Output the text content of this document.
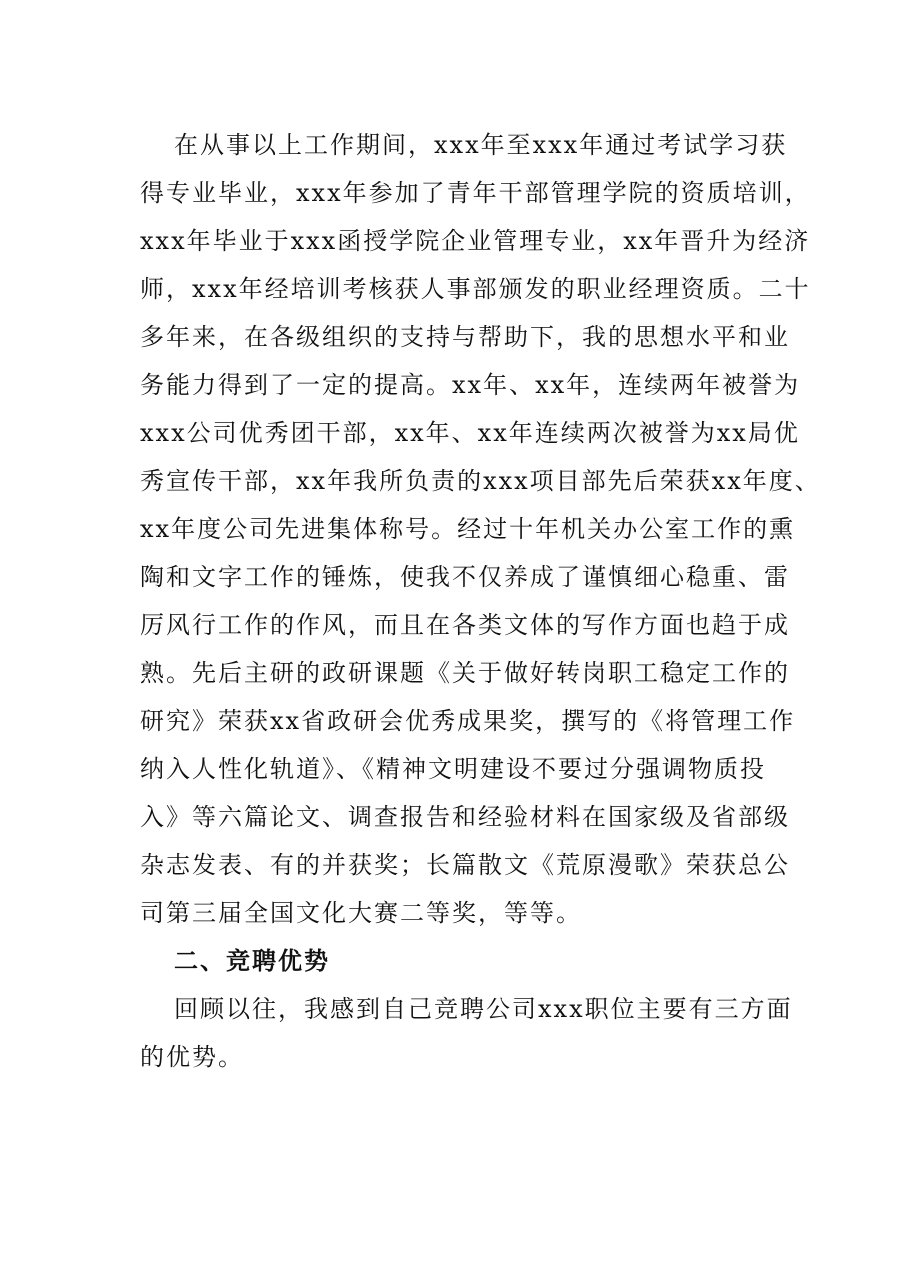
在从事以上工作期间，xxx年至xxx年通过考试学习获
得专业毕业，xxx年参加了青年干部管理学院的资质培训，
xxx年毕业于xxx函授学院企业管理专业，xx年晋升为经济
师，xxx年经培训考核获人事部颁发的职业经理资质。二十
多年来，在各级组织的支持与帮助下，我的思想水平和业
务能力得到了一定的提高。xx年、xx年，连续两年被誉为
xxx公司优秀团干部，xx年、xx年连续两次被誉为xx局优
秀宣传干部，xx年我所负责的xxx项目部先后荣获xx年度、
xx年度公司先进集体称号。经过十年机关办公室工作的熏
陶和文字工作的锤炼，使我不仅养成了谨慎细心稳重、雷
厉风行工作的作风，而且在各类文体的写作方面也趋于成
熟。先后主研的政研课题《关于做好转岗职工稳定工作的
研究》荣获xx省政研会优秀成果奖，撰写的《将管理工作
纳入人性化轨道》、《精神文明建设不要过分强调物质投
入》等六篇论文、调查报告和经验材料在国家级及省部级
杂志发表、有的并获奖；长篇散文《荒原漫歌》荣获总公
司第三届全国文化大赛二等奖，等等。
二、竞聘优势
回顾以往，我感到自己竞聘公司xxx职位主要有三方面
的优势。
